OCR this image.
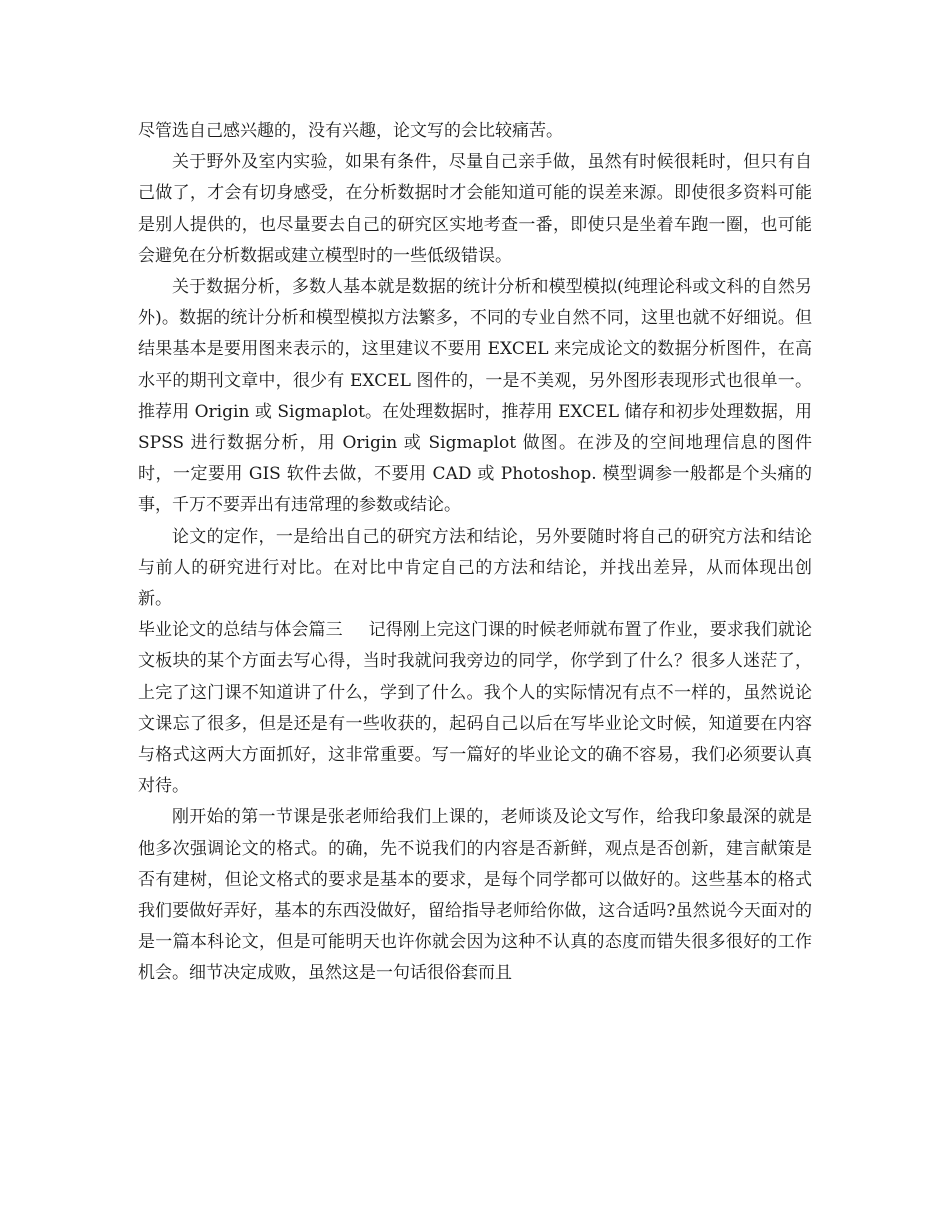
尽管选自己感兴趣的，没有兴趣，论文写的会比较痛苦。

关于野外及室内实验，如果有条件，尽量自己亲手做，虽然有时候很耗时，但只有自己做了，才会有切身感受，在分析数据时才会能知道可能的误差来源。即使很多资料可能是别人提供的，也尽量要去自己的研究区实地考查一番，即使只是坐着车跑一圈，也可能会避免在分析数据或建立模型时的一些低级错误。

关于数据分析，多数人基本就是数据的统计分析和模型模拟(纯理论科或文科的自然另外)。数据的统计分析和模型模拟方法繁多，不同的专业自然不同，这里也就不好细说。但结果基本是要用图来表示的，这里建议不要用 EXCEL 来完成论文的数据分析图件，在高水平的期刊文章中，很少有 EXCEL 图件的，一是不美观，另外图形表现形式也很单一。推荐用 Origin 或 Sigmaplot。在处理数据时，推荐用 EXCEL 储存和初步处理数据，用 SPSS 进行数据分析，用 Origin 或 Sigmaplot 做图。在涉及的空间地理信息的图件时，一定要用 GIS 软件去做，不要用 CAD 或 Photoshop. 模型调参一般都是个头痛的事，千万不要弄出有违常理的参数或结论。

论文的定作，一是给出自己的研究方法和结论，另外要随时将自己的研究方法和结论与前人的研究进行对比。在对比中肯定自己的方法和结论，并找出差异，从而体现出创新。

毕业论文的总结与体会篇三 记得刚上完这门课的时候老师就布置了作业，要求我们就论文板块的某个方面去写心得，当时我就问我旁边的同学，你学到了什么？很多人迷茫了，上完了这门课不知道讲了什么，学到了什么。我个人的实际情况有点不一样的，虽然说论文课忘了很多，但是还是有一些收获的，起码自己以后在写毕业论文时候，知道要在内容与格式这两大方面抓好，这非常重要。写一篇好的毕业论文的确不容易，我们必须要认真对待。

刚开始的第一节课是张老师给我们上课的，老师谈及论文写作，给我印象最深的就是他多次强调论文的格式。的确，先不说我们的内容是否新鲜，观点是否创新，建言献策是否有建树，但论文格式的要求是基本的要求，是每个同学都可以做好的。这些基本的格式我们要做好弄好，基本的东西没做好，留给指导老师给你做，这合适吗?虽然说今天面对的是一篇本科论文，但是可能明天也许你就会因为这种不认真的态度而错失很多很好的工作机会。细节决定成败，虽然这是一句话很俗套而且
